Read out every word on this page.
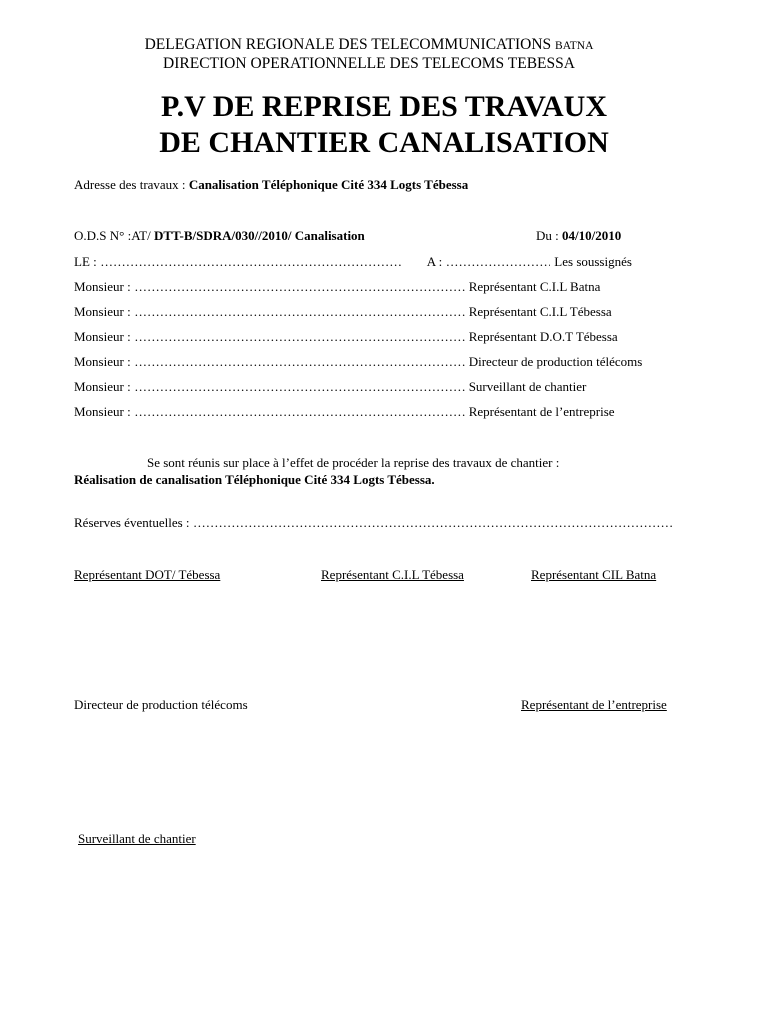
DELEGATION REGIONALE DES TELECOMMUNICATIONS BATNA
DIRECTION OPERATIONNELLE DES TELECOMS TEBESSA
P.V DE REPRISE DES TRAVAUX
DE CHANTIER CANALISATION
Adresse des travaux : Canalisation Téléphonique Cité 334 Logts Tébessa
O.D.S N° :AT/ DTT-B/SDRA/030//2010/ Canalisation	Du : 04/10/2010
LE : .....	A : .....	Les soussignés
Monsieur : .....	Représentant C.I.L Batna
Monsieur : .....	Représentant C.I.L Tébessa
Monsieur : .....	Représentant D.O.T Tébessa
Monsieur : .....	Directeur de production télécoms
Monsieur : .....	Surveillant de chantier
Monsieur : .....	Représentant de l’entreprise
Se sont réunis sur place à l’effet de procéder la reprise des travaux de chantier :
Réalisation de canalisation Téléphonique Cité 334 Logts Tébessa.
Réserves éventuelles :
.....
Représentant DOT/ Tébessa	Représentant C.I.L Tébessa	Représentant CIL Batna
Directeur de production télécoms	Représentant de l’entreprise
Surveillant de chantier
